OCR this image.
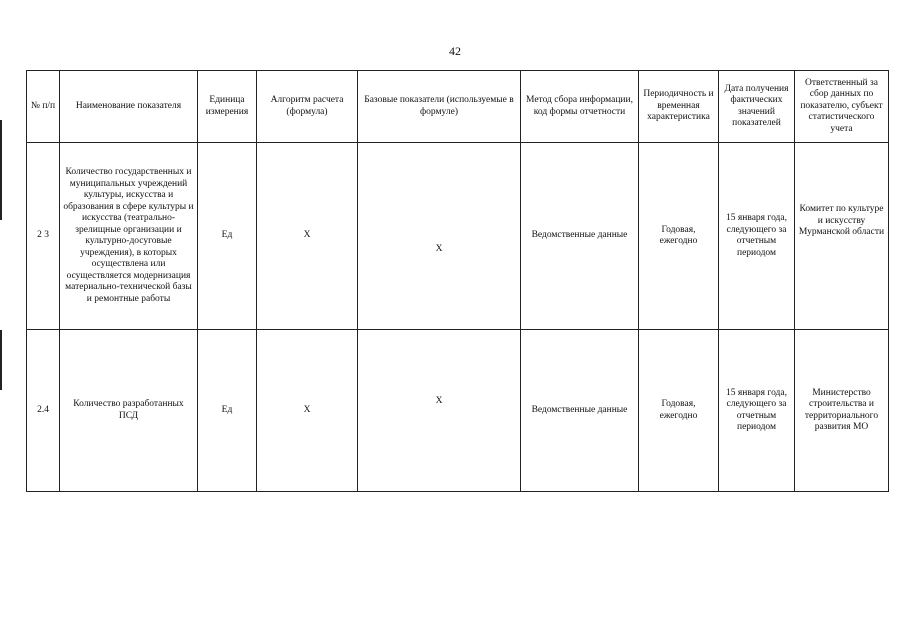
42
№ п/п	Наименование показателя	Единица измерения	Алгоритм расчета (формула)	Базовые показатели (используемые в формуле)	Метод сбора информации, код формы отчетности	Периодичность и временная характеристика	Дата получения фактических значений показателей	Ответственный за сбор данных по показателю, субъект статистического учета
2 3	Количество государственных и муниципальных учреждений культуры, искусства и образования в сфере культуры и искусства (театрально-зрелищные организации и культурно-досуговые учреждения), в которых осуществлена или осуществляется модернизация материально-технической базы и ремонтные работы	Ед	X	X	Ведомственные данные	Годовая, ежегодно	15 января года, следующего за отчетным периодом	Комитет по культуре и искусству Мурманской области
2.4	Количество разработанных ПСД	Ед	X	X	Ведомственные данные	Годовая, ежегодно	15 января года, следующего за отчетным периодом	Министерство строительства и территориального развития МО
